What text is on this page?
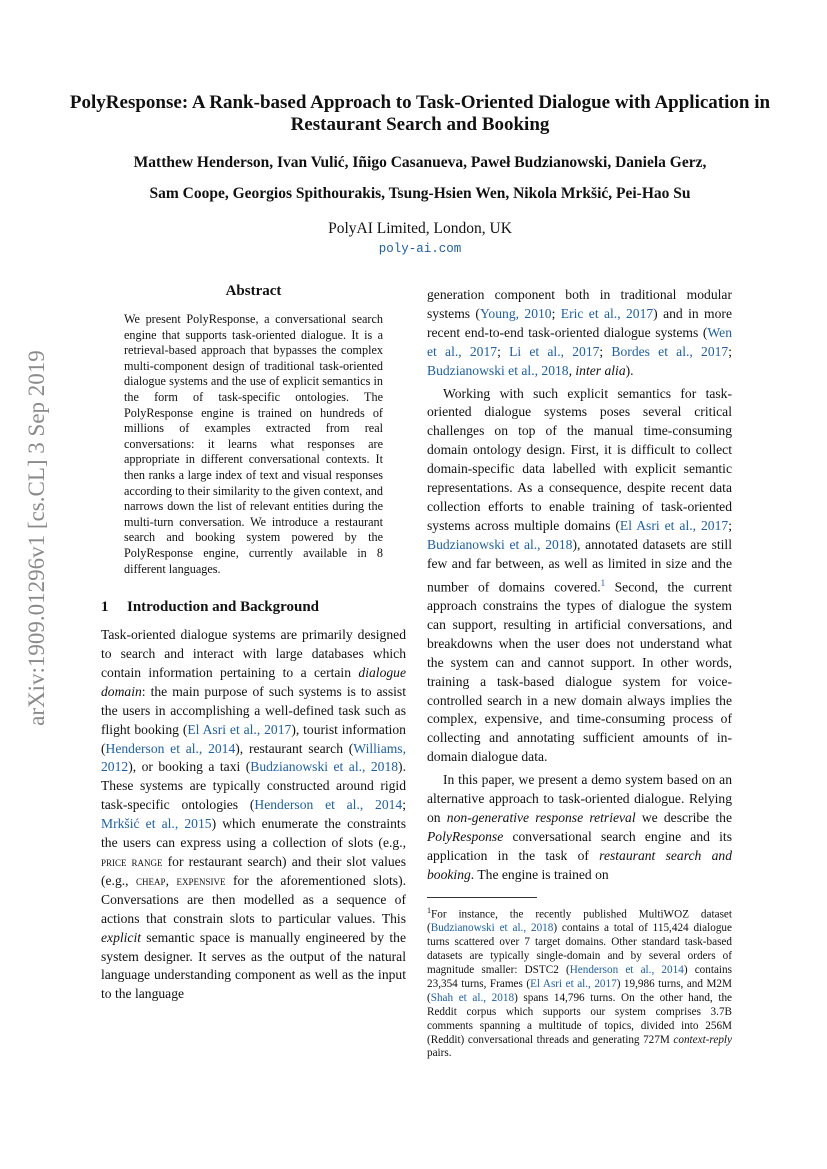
arXiv:1909.01296v1 [cs.CL] 3 Sep 2019
PolyResponse: A Rank-based Approach to Task-Oriented Dialogue with Application in Restaurant Search and Booking
Matthew Henderson, Ivan Vulić, Iñigo Casanueva, Paweł Budzianowski, Daniela Gerz,
Sam Coope, Georgios Spithourakis, Tsung-Hsien Wen, Nikola Mrkšić, Pei-Hao Su
PolyAI Limited, London, UK
poly-ai.com
Abstract
We present PolyResponse, a conversational search engine that supports task-oriented dialogue. It is a retrieval-based approach that bypasses the complex multi-component design of traditional task-oriented dialogue systems and the use of explicit semantics in the form of task-specific ontologies. The PolyResponse engine is trained on hundreds of millions of examples extracted from real conversations: it learns what responses are appropriate in different conversational contexts. It then ranks a large index of text and visual responses according to their similarity to the given context, and narrows down the list of relevant entities during the multi-turn conversation. We introduce a restaurant search and booking system powered by the PolyResponse engine, currently available in 8 different languages.
1 Introduction and Background

Task-oriented dialogue systems are primarily designed to search and interact with large databases which contain information pertaining to a certain dialogue domain: the main purpose of such systems is to assist the users in accomplishing a well-defined task such as flight booking (El Asri et al., 2017), tourist information (Henderson et al., 2014), restaurant search (Williams, 2012), or booking a taxi (Budzianowski et al., 2018). These systems are typically constructed around rigid task-specific ontologies (Henderson et al., 2014; Mrkšić et al., 2015) which enumerate the constraints the users can express using a collection of slots (e.g., price range for restaurant search) and their slot values (e.g., cheap, expensive for the aforementioned slots). Conversations are then modelled as a sequence of actions that constrain slots to particular values. This explicit semantic space is manually engineered by the system designer. It serves as the output of the natural language understanding component as well as the input to the language

generation component both in traditional modular systems (Young, 2010; Eric et al., 2017) and in more recent end-to-end task-oriented dialogue systems (Wen et al., 2017; Li et al., 2017; Bordes et al., 2017; Budzianowski et al., 2018, inter alia).

Working with such explicit semantics for task-oriented dialogue systems poses several critical challenges on top of the manual time-consuming domain ontology design. First, it is difficult to collect domain-specific data labelled with explicit semantic representations. As a consequence, despite recent data collection efforts to enable training of task-oriented systems across multiple domains (El Asri et al., 2017; Budzianowski et al., 2018), annotated datasets are still few and far between, as well as limited in size and the number of domains covered.$^1$ Second, the current approach constrains the types of dialogue the system can support, resulting in artificial conversations, and breakdowns when the user does not understand what the system can and cannot support. In other words, training a task-based dialogue system for voice-controlled search in a new domain always implies the complex, expensive, and time-consuming process of collecting and annotating sufficient amounts of in-domain dialogue data.

In this paper, we present a demo system based on an alternative approach to task-oriented dialogue. Relying on non-generative response retrieval we describe the PolyResponse conversational search engine and its application in the task of restaurant search and booking. The engine is trained on

$^1$For instance, the recently published MultiWOZ dataset (Budzianowski et al., 2018) contains a total of 115,424 dialogue turns scattered over 7 target domains. Other standard task-based datasets are typically single-domain and by several orders of magnitude smaller: DSTC2 (Henderson et al., 2014) contains 23,354 turns, Frames (El Asri et al., 2017) 19,986 turns, and M2M (Shah et al., 2018) spans 14,796 turns. On the other hand, the Reddit corpus which supports our system comprises 3.7B comments spanning a multitude of topics, divided into 256M (Reddit) conversational threads and generating 727M context-reply pairs.
